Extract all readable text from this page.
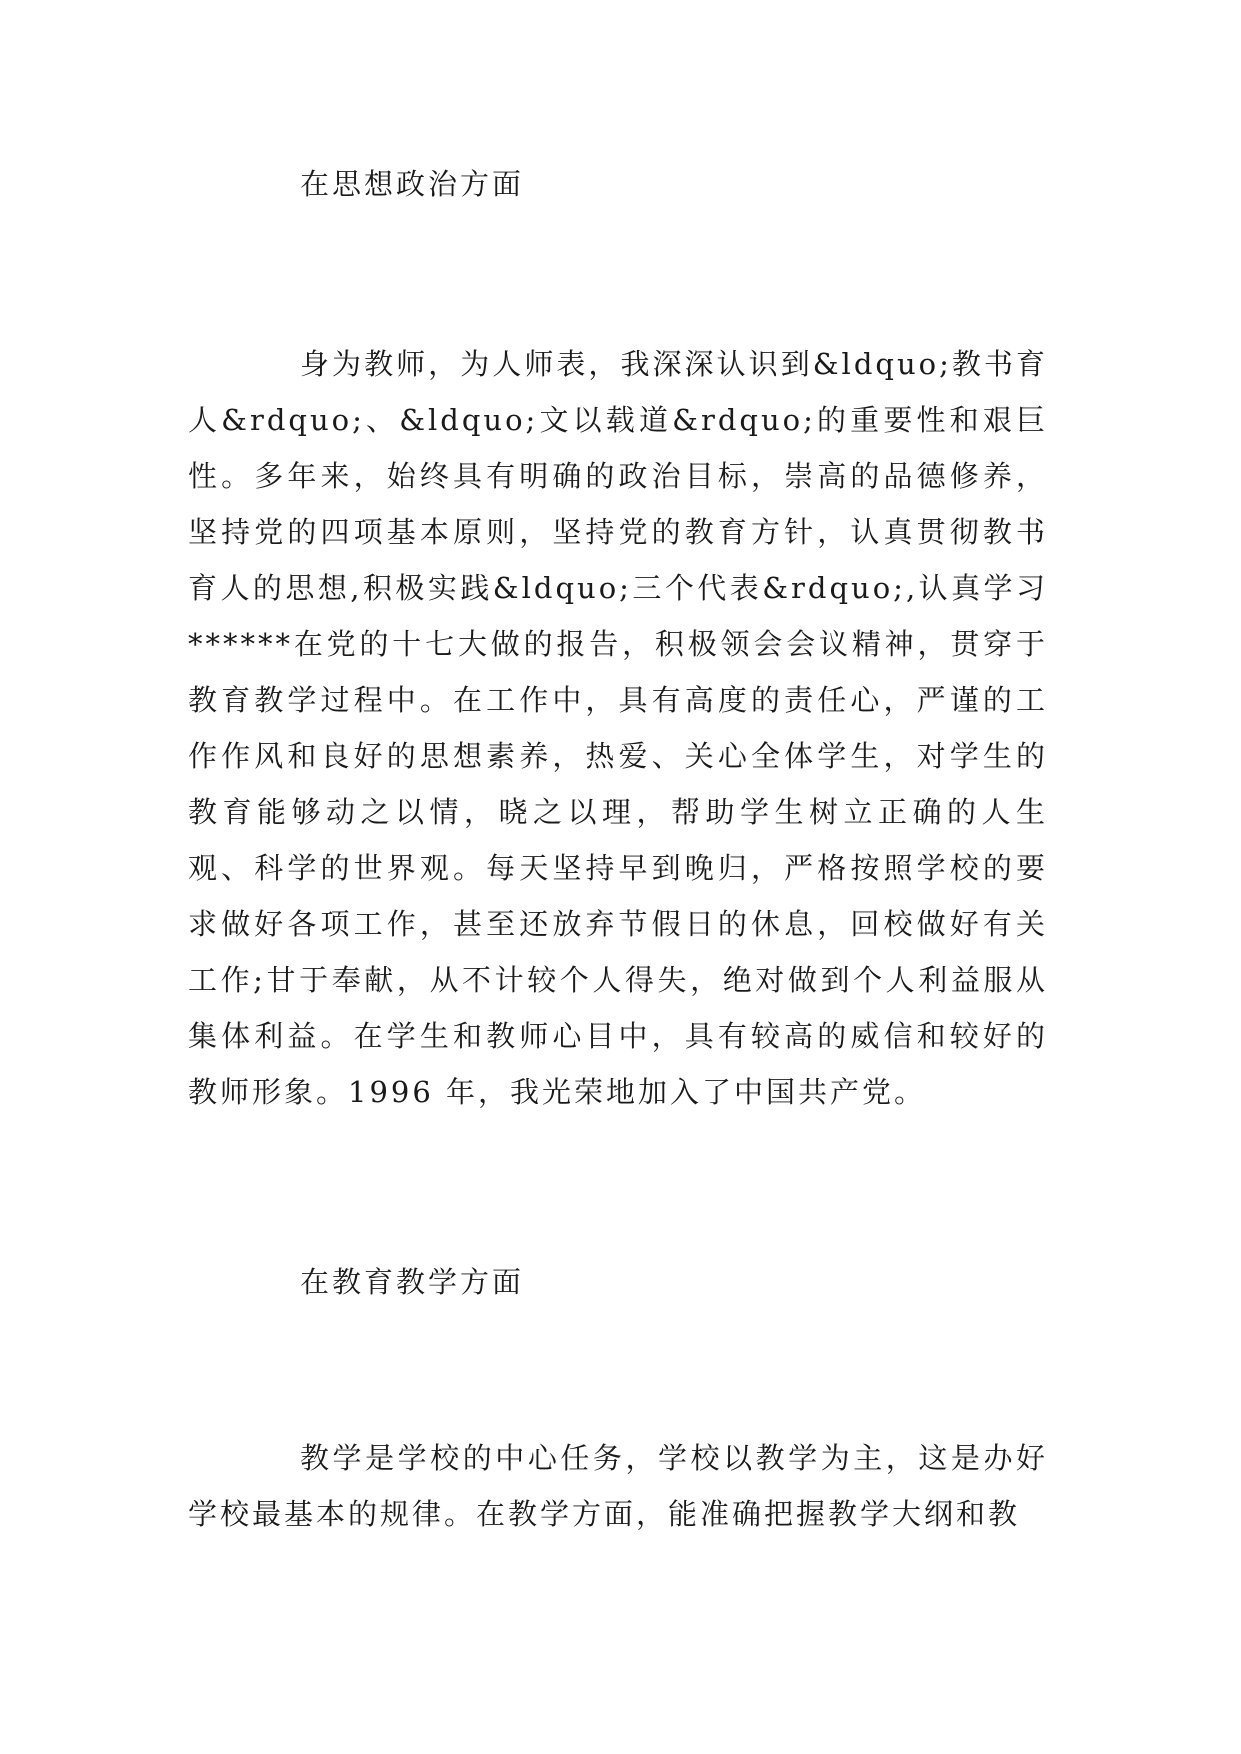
在思想政治方面
身为教师，为人师表，我深深认识到&ldquo;教书育人&rdquo;、&ldquo;文以载道&rdquo;的重要性和艰巨性。多年来，始终具有明确的政治目标，崇高的品德修养，坚持党的四项基本原则，坚持党的教育方针，认真贯彻教书育人的思想,积极实践&ldquo;三个代表&rdquo;,认真学习******在党的十七大做的报告，积极领会会议精神，贯穿于教育教学过程中。在工作中，具有高度的责任心，严谨的工作作风和良好的思想素养，热爱、关心全体学生，对学生的教育能够动之以情，晓之以理，帮助学生树立正确的人生观、科学的世界观。每天坚持早到晚归，严格按照学校的要求做好各项工作，甚至还放弃节假日的休息，回校做好有关工作;甘于奉献，从不计较个人得失，绝对做到个人利益服从集体利益。在学生和教师心目中，具有较高的威信和较好的教师形象。1996 年，我光荣地加入了中国共产党。
在教育教学方面
教学是学校的中心任务，学校以教学为主，这是办好学校最基本的规律。在教学方面，能准确把握教学大纲和教
